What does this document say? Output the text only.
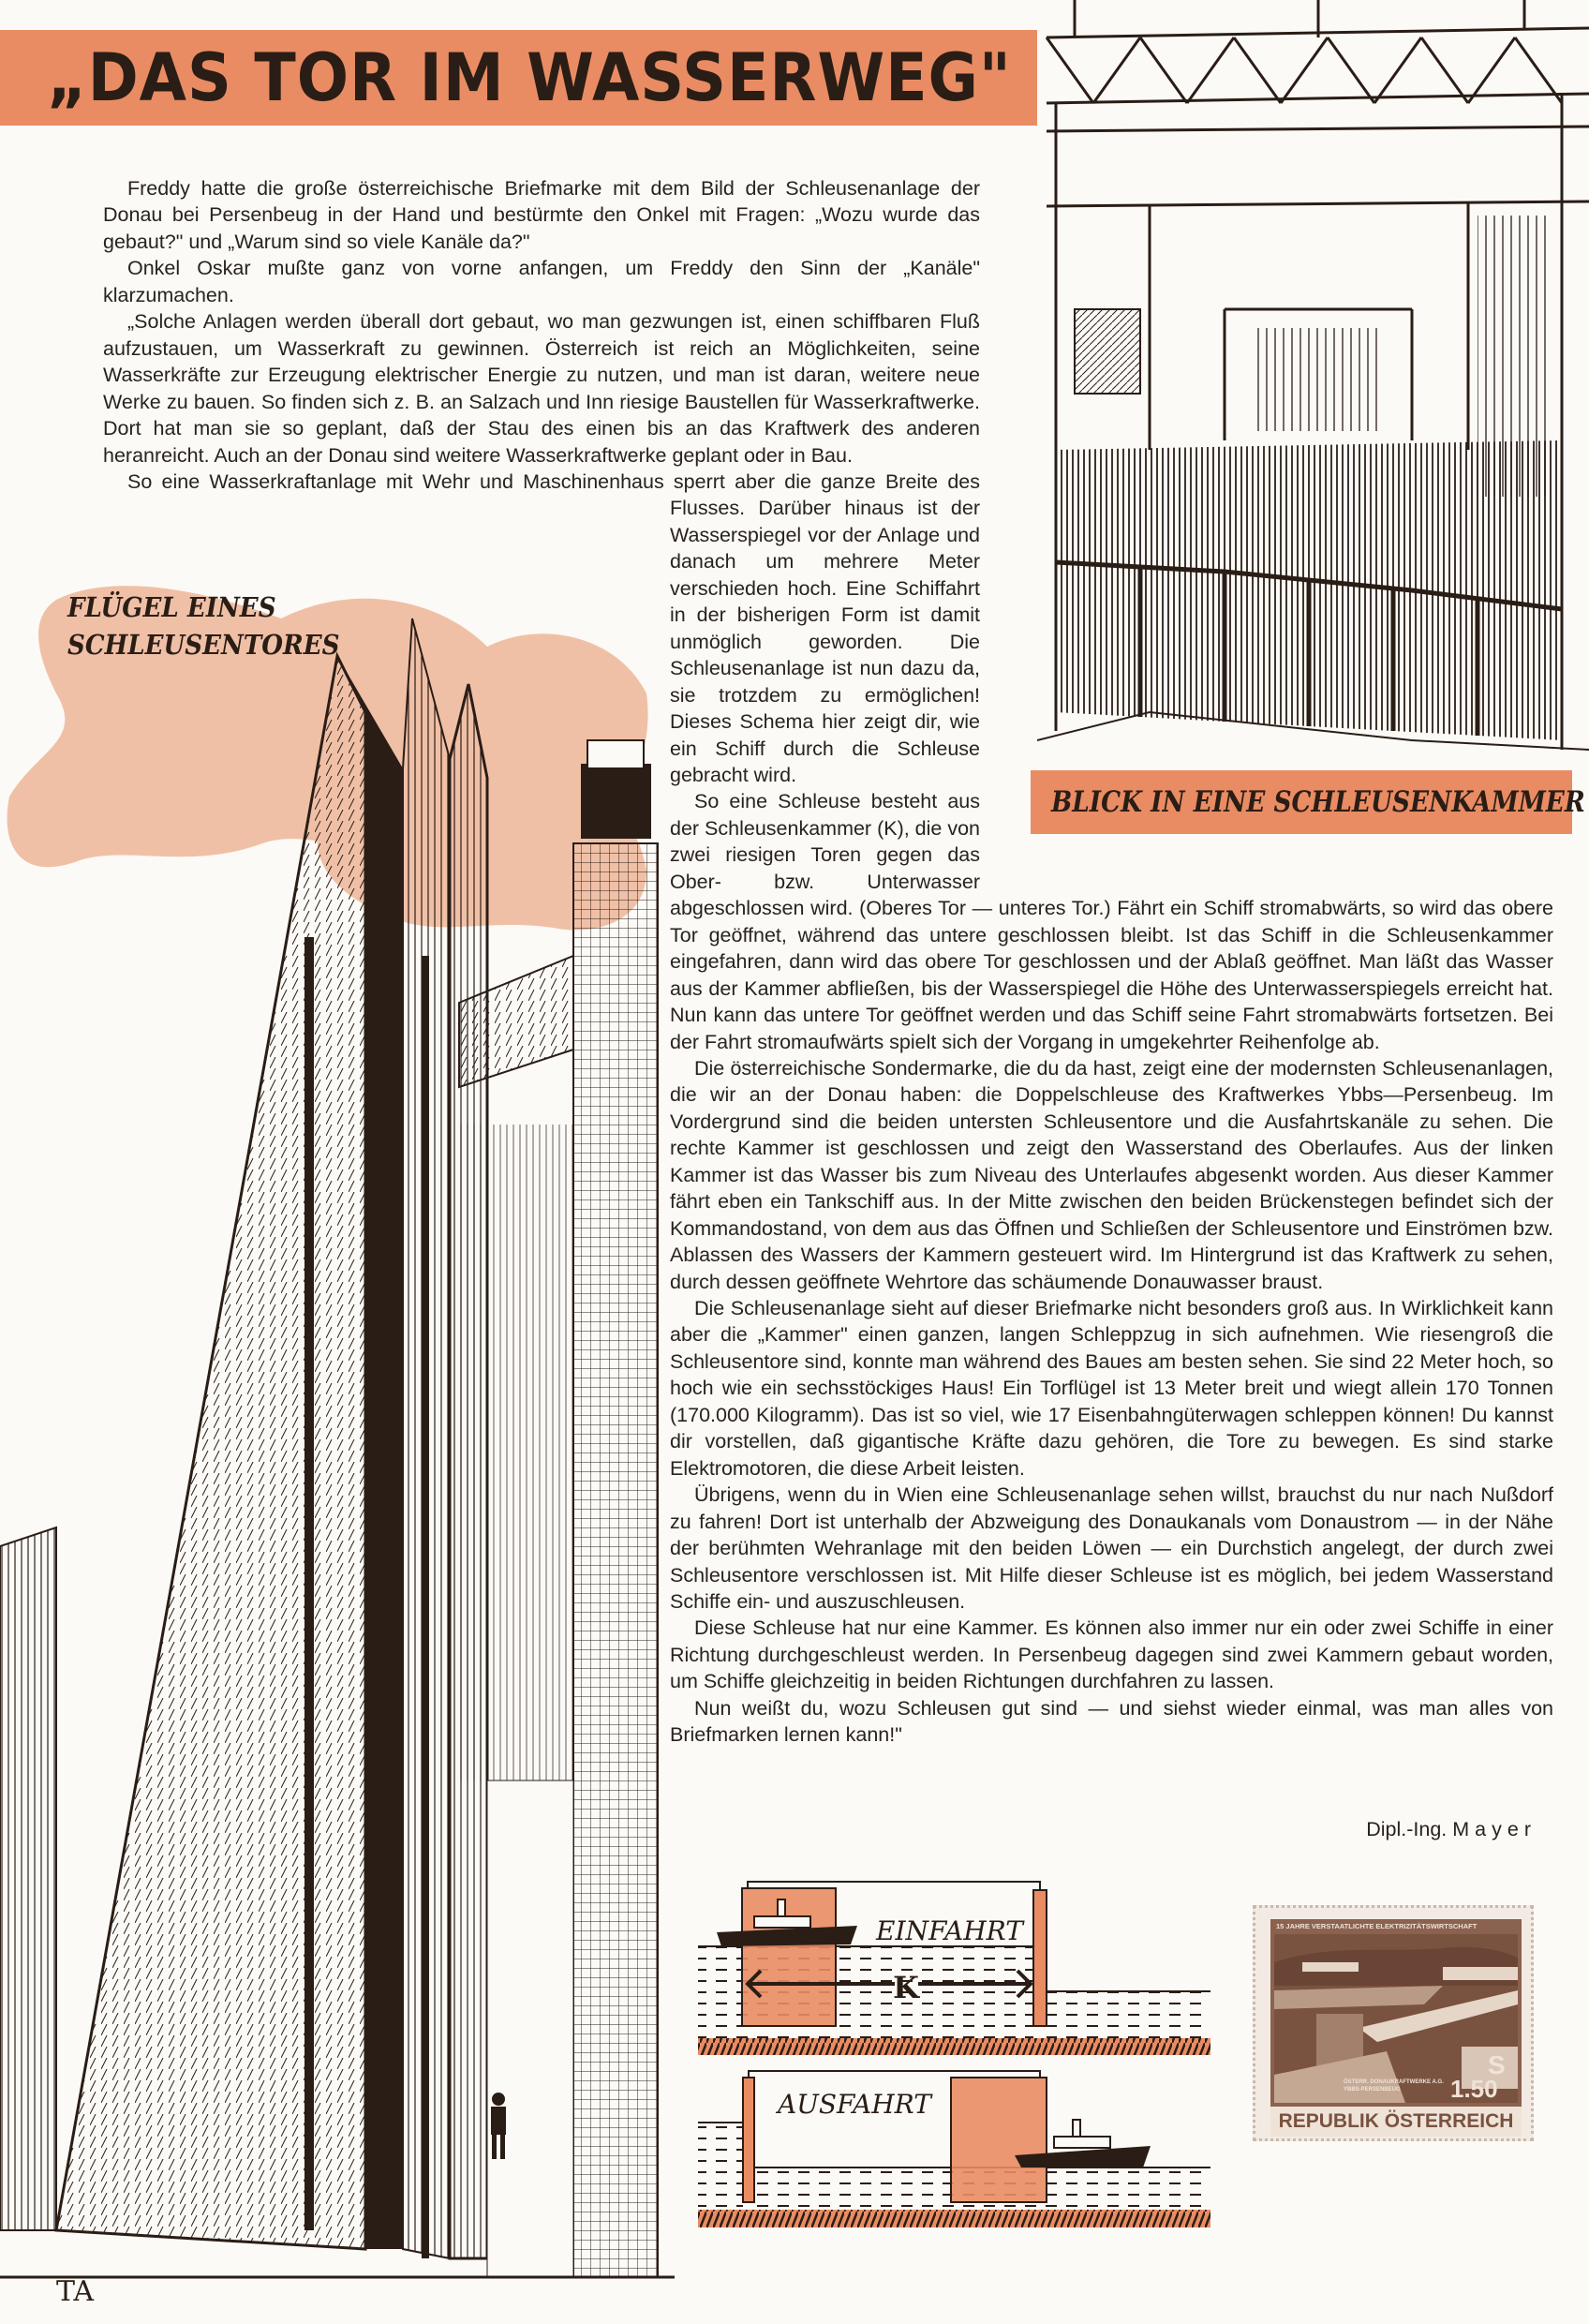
„DAS TOR IM WASSERWEG"
BLICK IN EINE SCHLEUSENKAMMER
TA
FLÜGEL EINES
SCHLEUSENTORES

Freddy hatte die große österreichische Briefmarke mit dem Bild der Schleusenanlage der Donau bei Persenbeug in der Hand und bestürmte den Onkel mit Fragen: „Wozu wurde das gebaut?" und „Warum sind so viele Kanäle da?"

Onkel Oskar mußte ganz von vorne anfangen, um Freddy den Sinn der „Kanäle" klarzumachen.

„Solche Anlagen werden überall dort gebaut, wo man gezwungen ist, einen schiffbaren Fluß aufzustauen, um Wasserkraft zu gewinnen. Österreich ist reich an Möglichkeiten, seine Wasserkräfte zur Erzeugung elektrischer Energie zu nutzen, und man ist daran, weitere neue Werke zu bauen. So finden sich z. B. an Salzach und Inn riesige Baustellen für Wasserkraftwerke. Dort hat man sie so geplant, daß der Stau des einen bis an das Kraftwerk des anderen heranreicht. Auch an der Donau sind weitere Wasserkraftwerke geplant oder in Bau.

So eine Wasserkraftanlage mit Wehr und Maschinenhaus sperrt aber die ganze Breite des Flusses. Darüber hinaus ist der Wasserspiegel vor der Anlage und danach um mehrere Meter verschieden hoch. Eine Schiffahrt in der bisherigen Form ist damit unmöglich geworden. Die Schleusenanlage ist nun dazu da, sie trotzdem zu ermöglichen! Dieses Schema hier zeigt dir, wie ein Schiff durch die Schleuse gebracht wird.

So eine Schleuse besteht aus der Schleusenkammer (K), die von zwei riesigen Toren gegen das Ober- bzw. Unterwasser abgeschlossen wird. (Oberes Tor — unteres Tor.) Fährt ein Schiff stromabwärts, so wird das obere Tor geöffnet, während das untere geschlossen bleibt. Ist das Schiff in die Schleusenkammer eingefahren, dann wird das obere Tor geschlossen und der Ablaß geöffnet. Man läßt das Wasser aus der Kammer abfließen, bis der Wasserspiegel die Höhe des Unterwasserspiegels erreicht hat. Nun kann das untere Tor geöffnet werden und das Schiff seine Fahrt stromabwärts fortsetzen. Bei der Fahrt stromaufwärts spielt sich der Vorgang in umgekehrter Reihenfolge ab.

Die österreichische Sondermarke, die du da hast, zeigt eine der modernsten Schleusenanlagen, die wir an der Donau haben: die Doppelschleuse des Kraftwerkes Ybbs—Persenbeug. Im Vordergrund sind die beiden untersten Schleusentore und die Ausfahrtskanäle zu sehen. Die rechte Kammer ist geschlossen und zeigt den Wasserstand des Oberlaufes. Aus der linken Kammer ist das Wasser bis zum Niveau des Unterlaufes abgesenkt worden. Aus dieser Kammer fährt eben ein Tankschiff aus. In der Mitte zwischen den beiden Brückenstegen befindet sich der Kommandostand, von dem aus das Öffnen und Schließen der Schleusentore und Einströmen bzw. Ablassen des Wassers der Kammern gesteuert wird. Im Hintergrund ist das Kraftwerk zu sehen, durch dessen geöffnete Wehrtore das schäumende Donauwasser braust.

Die Schleusenanlage sieht auf dieser Briefmarke nicht besonders groß aus. In Wirklichkeit kann aber die „Kammer" einen ganzen, langen Schleppzug in sich aufnehmen. Wie riesengroß die Schleusentore sind, konnte man während des Baues am besten sehen. Sie sind 22 Meter hoch, so hoch wie ein sechsstöckiges Haus! Ein Torflügel ist 13 Meter breit und wiegt allein 170 Tonnen (170.000 Kilogramm). Das ist so viel, wie 17 Eisenbahngüterwagen schleppen können! Du kannst dir vorstellen, daß gigantische Kräfte dazu gehören, die Tore zu bewegen. Es sind starke Elektromotoren, die diese Arbeit leisten.

Übrigens, wenn du in Wien eine Schleusenanlage sehen willst, brauchst du nur nach Nußdorf zu fahren! Dort ist unterhalb der Abzweigung des Donaukanals vom Donaustrom — in der Nähe der berühmten Wehranlage mit den beiden Löwen — ein Durchstich angelegt, der durch zwei Schleusentore verschlossen ist. Mit Hilfe dieser Schleuse ist es möglich, bei jedem Wasserstand Schiffe ein- und auszuschleusen.

Diese Schleuse hat nur eine Kammer. Es können also immer nur ein oder zwei Schiffe in einer Richtung durchgeschleust werden. In Persenbeug dagegen sind zwei Kammern gebaut worden, um Schiffe gleichzeitig in beiden Richtungen durchfahren zu lassen.

Nun weißt du, wozu Schleusen gut sind — und siehst wieder einmal, was man alles von Briefmarken lernen kann!"

Dipl.-Ing. Mayer
K
EINFAHRT
AUSFAHRT
15 JAHRE VERSTAATLICHTE ELEKTRIZITÄTSWIRTSCHAFT
ÖSTERR. DONAUKRAFTWERKE A.G.
YBBS-PERSENBEUG
S
1.50
REPUBLIK ÖSTERREICH
